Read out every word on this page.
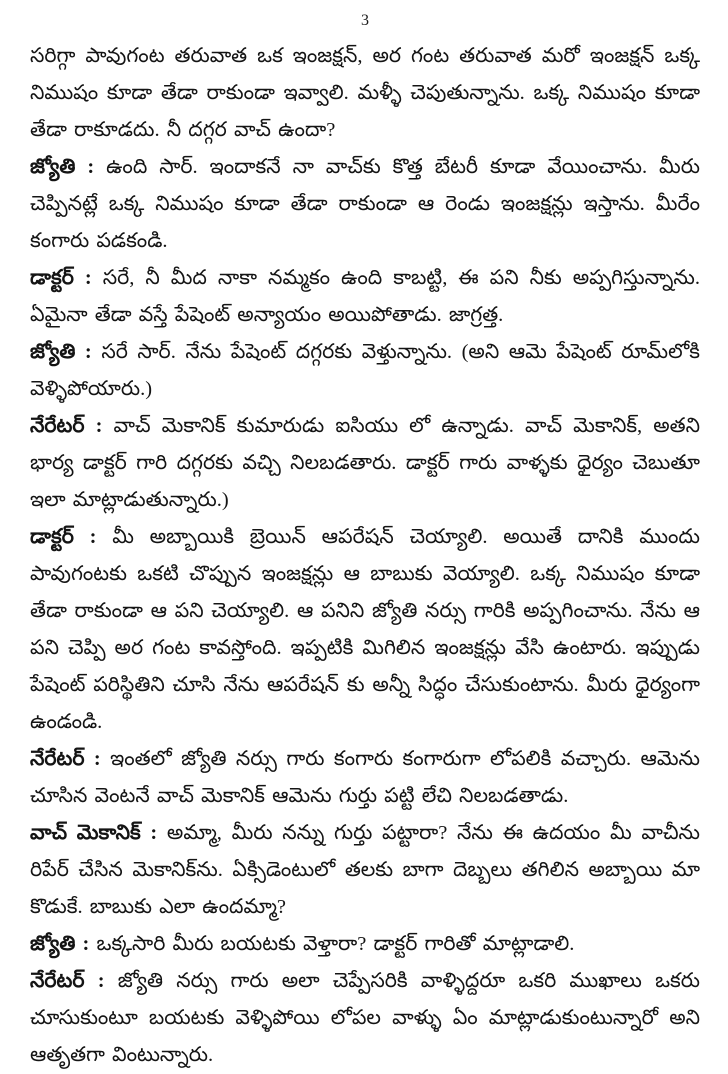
3

సరిగ్గా పావుగంట తరువాత ఒక ఇంజక్షన్, అర గంట తరువాత మరో ఇంజక్షన్ ఒక్క నిముషం కూడా తేడా రాకుండా ఇవ్వాలి. మళ్ళీ చెపుతున్నాను. ఒక్క నిముషం కూడా తేడా రాకూడదు. నీ దగ్గర వాచ్ ఉందా?

జ్యోతి : ఉంది సార్. ఇందాకనే నా వాచ్‌కు కొత్త బేటరీ కూడా వేయించాను. మీరు చెప్పినట్లే ఒక్క నిముషం కూడా తేడా రాకుండా ఆ రెండు ఇంజక్షన్లు ఇస్తాను. మీరేం కంగారు పడకండి.

డాక్టర్ : సరే, నీ మీద నాకా నమ్మకం ఉంది కాబట్టి, ఈ పని నీకు అప్పగిస్తున్నాను. ఏమైనా తేడా వస్తే పేషెంట్ అన్యాయం అయిపోతాడు. జాగ్రత్త.

జ్యోతి : సరే సార్. నేను పేషెంట్ దగ్గరకు వెళ్తున్నాను. (అని ఆమె పేషెంట్ రూమ్‌లోకి వెళ్ళిపోయారు.)

నేరేటర్ : వాచ్ మెకానిక్ కుమారుడు ఐసియు లో ఉన్నాడు. వాచ్ మెకానిక్, అతని భార్య డాక్టర్ గారి దగ్గరకు వచ్చి నిలబడతారు. డాక్టర్ గారు వాళ్ళకు ధైర్యం చెబుతూ ఇలా మాట్లాడుతున్నారు.)

డాక్టర్ : మీ అబ్బాయికి బ్రెయిన్ ఆపరేషన్ చెయ్యాలి. అయితే దానికి ముందు పావుగంటకు ఒకటి చొప్పున ఇంజక్షన్లు ఆ బాబుకు వెయ్యాలి. ఒక్క నిముషం కూడా తేడా రాకుండా ఆ పని చెయ్యాలి. ఆ పనిని జ్యోతి నర్సు గారికి అప్పగించాను. నేను ఆ పని చెప్పి అర గంట కావస్తోంది. ఇప్పటికి మిగిలిన ఇంజక్షన్లు వేసి ఉంటారు. ఇప్పుడు పేషెంట్ పరిస్థితిని చూసి నేను ఆపరేషన్ కు అన్నీ సిద్ధం చేసుకుంటాను. మీరు ధైర్యంగా ఉండండి.

నేరేటర్ : ఇంతలో జ్యోతి నర్సు గారు కంగారు కంగారుగా లోపలికి వచ్చారు. ఆమెను చూసిన వెంటనే వాచ్ మెకానిక్ ఆమెను గుర్తు పట్టి లేచి నిలబడతాడు.

వాచ్ మెకానిక్ : అమ్మా, మీరు నన్ను గుర్తు పట్టారా? నేను ఈ ఉదయం మీ వాచీను రిపేర్ చేసిన మెకానిక్‌ను. ఏక్సిడెంటులో తలకు బాగా దెబ్బలు తగిలిన అబ్బాయి మా కొడుకే. బాబుకు ఎలా ఉందమ్మా?

జ్యోతి : ఒక్కసారి మీరు బయటకు వెళ్తారా? డాక్టర్ గారితో మాట్లాడాలి.

నేరేటర్ : జ్యోతి నర్సు గారు అలా చెప్పేసరికి వాళ్ళిద్దరూ ఒకరి ముఖాలు ఒకరు చూసుకుంటూ బయటకు వెళ్ళిపోయి లోపల వాళ్ళు ఏం మాట్లాడుకుంటున్నారో అని ఆతృతగా వింటున్నారు.
